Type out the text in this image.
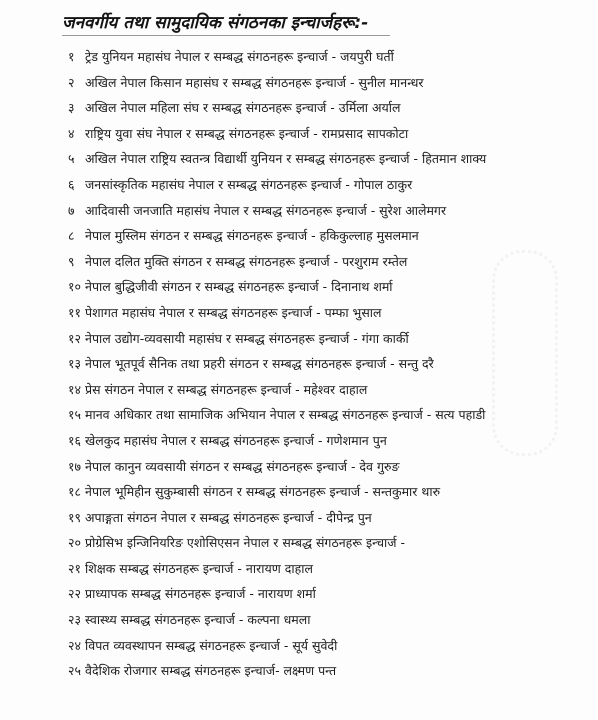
जनवर्गीय तथा सामुदायिक संगठनका इन्चार्जहरू:-
१ ट्रेड युनियन महासंघ नेपाल र सम्बद्ध संगठनहरू इन्चार्ज - जयपुरी घर्ती
२ अखिल नेपाल किसान महासंघ र सम्बद्ध संगठनहरू इन्चार्ज - सुनील मानन्धर
३ अखिल नेपाल महिला संघ र सम्बद्ध संगठनहरू इन्चार्ज - उर्मिला अर्याल
४ राष्ट्रिय युवा संघ नेपाल र सम्बद्ध संगठनहरू इन्चार्ज - रामप्रसाद सापकोटा
५ अखिल नेपाल राष्ट्रिय स्वतन्त्र विद्यार्थी युनियन र सम्बद्ध संगठनहरू इन्चार्ज - हितमान शाक्य
६ जनसांस्कृतिक महासंघ नेपाल र सम्बद्ध संगठनहरू इन्चार्ज - गोपाल ठाकुर
७ आदिवासी जनजाति महासंघ नेपाल र सम्बद्ध संगठनहरू इन्चार्ज - सुरेश आलेमगर
८ नेपाल मुस्लिम संगठन र सम्बद्ध संगठनहरू इन्चार्ज - हकिकुल्लाह मुसलमान
९ नेपाल दलित मुक्ति संगठन र सम्बद्ध संगठनहरू इन्चार्ज - परशुराम रम्तेल
१० नेपाल बुद्धिजीवी संगठन र सम्बद्ध संगठनहरू इन्चार्ज - दिनानाथ शर्मा
११ पेशागत महासंघ नेपाल र सम्बद्ध संगठनहरू इन्चार्ज - पम्फा भुसाल
१२ नेपाल उद्योग-व्यवसायी महासंघ र सम्बद्ध संगठनहरू इन्चार्ज - गंगा कार्की
१३ नेपाल भूतपूर्व सैनिक तथा प्रहरी संगठन र सम्बद्ध संगठनहरू इन्चार्ज - सन्तु दरै
१४ प्रेस संगठन नेपाल र सम्बद्ध संगठनहरू इन्चार्ज - महेश्वर दाहाल
१५ मानव अधिकार तथा सामाजिक अभियान नेपाल र सम्बद्ध संगठनहरू इन्चार्ज - सत्य पहाडी
१६ खेलकुद महासंघ नेपाल र सम्बद्ध संगठनहरू इन्चार्ज - गणेशमान पुन
१७ नेपाल कानुन व्यवसायी संगठन र सम्बद्ध संगठनहरू इन्चार्ज - देव गुरुङ
१८ नेपाल भूमिहीन सुकुम्बासी संगठन र सम्बद्ध संगठनहरू इन्चार्ज - सन्तकुमार थारु
१९ अपाङ्गता संगठन नेपाल र सम्बद्ध संगठनहरू इन्चार्ज - दीपेन्द्र पुन
२० प्रोग्रेसिभ इन्जिनियरिङ एशोसिएसन नेपाल र सम्बद्ध संगठनहरू इन्चार्ज -
२१ शिक्षक सम्बद्ध संगठनहरू इन्चार्ज - नारायण दाहाल
२२ प्राध्यापक सम्बद्ध संगठनहरू इन्चार्ज - नारायण शर्मा
२३ स्वास्थ्य सम्बद्ध संगठनहरू इन्चार्ज - कल्पना धमला
२४ विपत व्यवस्थापन सम्बद्ध संगठनहरू इन्चार्ज - सूर्य सुवेदी
२५ वैदेशिक रोजगार सम्बद्ध संगठनहरू इन्चार्ज- लक्ष्मण पन्त
